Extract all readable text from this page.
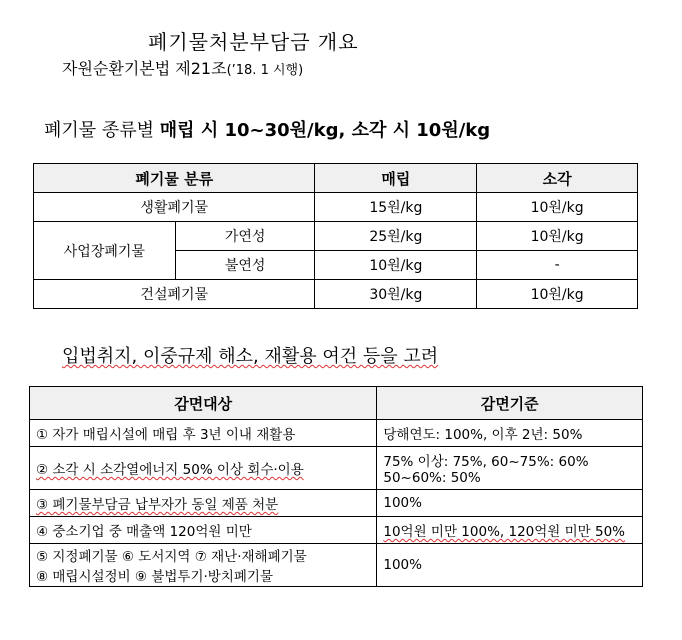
폐기물처분부담금 개요
자원순환기본법 제21조(’18. 1 시행)
폐기물 종류별 매립 시 10~30원/kg, 소각 시 10원/kg
폐기물 분류		매립	소각
생활폐기물		15원/kg	10원/kg
사업장폐기물	가연성	25원/kg	10원/kg
	불연성	10원/kg	-
건설폐기물		30원/kg	10원/kg
입법취지, 이중규제 해소, 재활용 여건 등을 고려
감면대상	감면기준
① 자가 매립시설에 매립 후 3년 이내 재활용	당해연도: 100%, 이후 2년: 50%
② 소각 시 소각열에너지 50% 이상 회수·이용	75% 이상: 75%, 60~75%: 60%
50~60%: 50%

③ 폐기물부담금 납부자가 동일 제품 처분	100%
④ 중소기업 중 매출액 120억원 미만	10억원 미만 100%, 120억원 미만 50%

⑤ 지정폐기물 ⑥ 도서지역 ⑦ 재난·재해폐기물
⑧ 매립시설정비 ⑨ 불법투기·방치폐기물	100%
